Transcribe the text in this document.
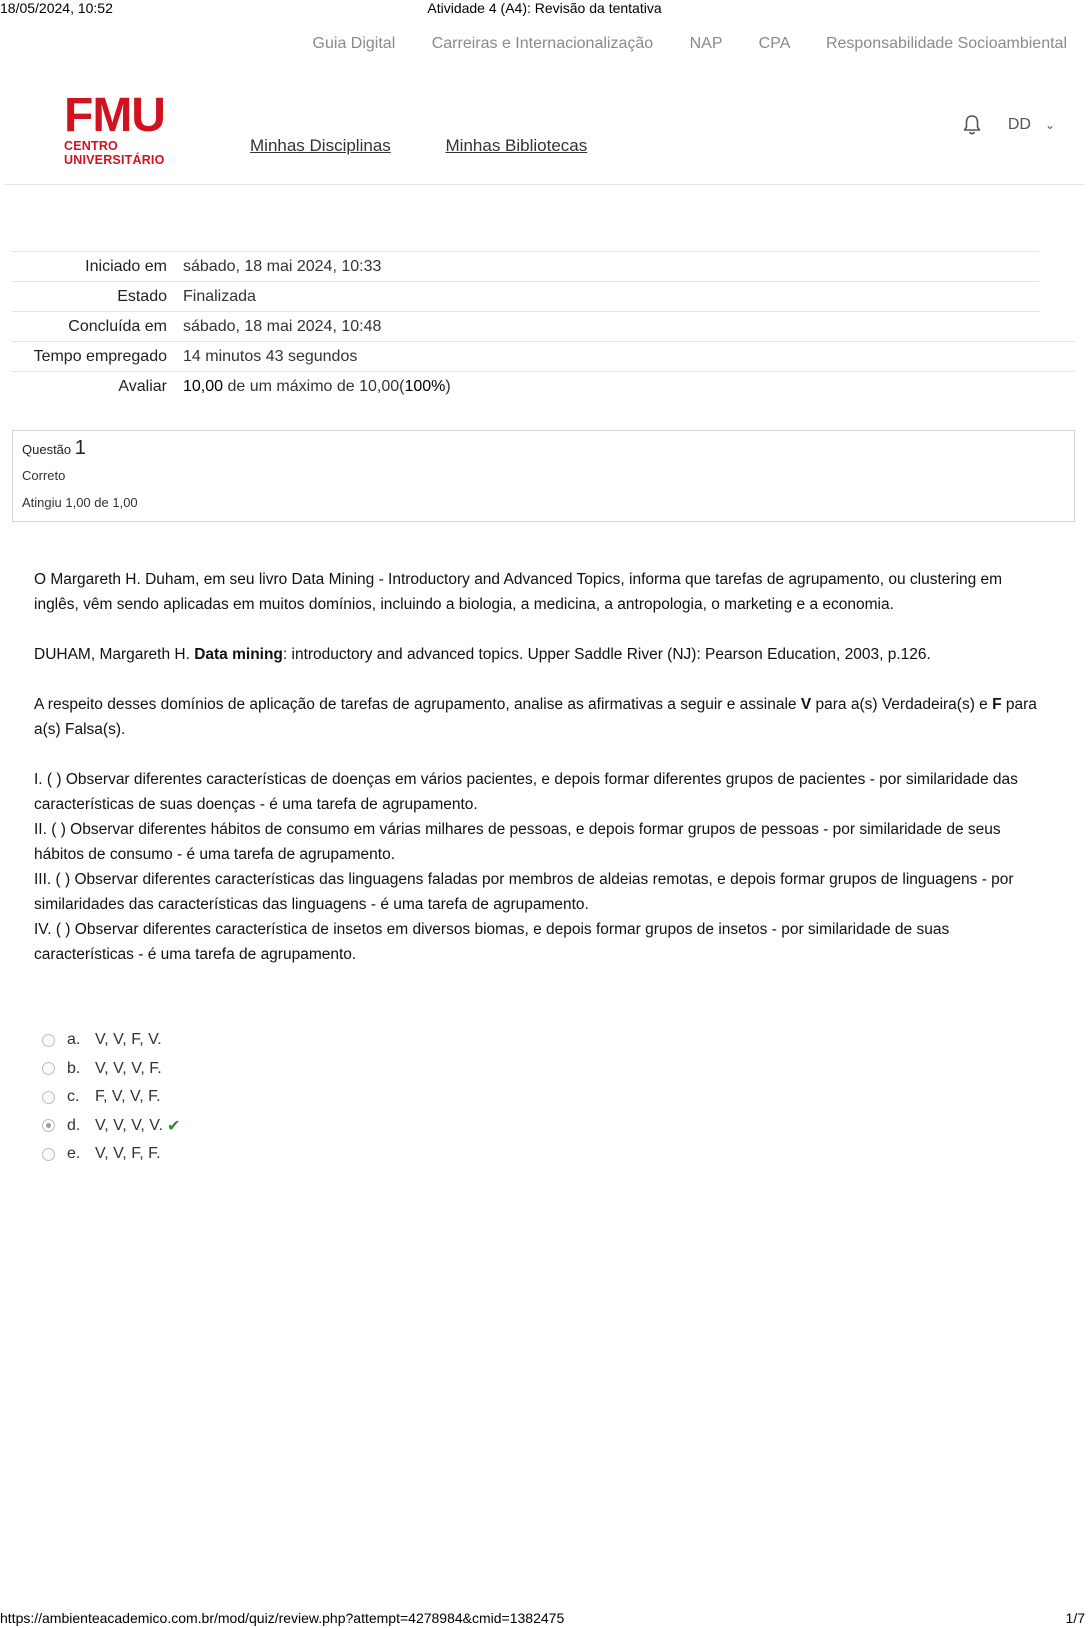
18/05/2024, 10:52	Atividade 4 (A4): Revisão da tentativa
Guia Digital Carreiras e Internacionalização NAP CPA Responsabilidade Socioambiental
FMU
CENTRO UNIVERSITÁRIO
Minhas Disciplinas	Minhas Bibliotecas
DD ⌄
Iniciado em	sábado, 18 mai 2024, 10:33
Estado	Finalizada
Concluída em	sábado, 18 mai 2024, 10:48
Tempo empregado	14 minutos 43 segundos
Avaliar	10,00 de um máximo de 10,00(100%)
Questão 1
Correto
Atingiu 1,00 de 1,00

O Margareth H. Duham, em seu livro Data Mining - Introductory and Advanced Topics, informa que tarefas de agrupamento, ou clustering em inglês, vêm sendo aplicadas em muitos domínios, incluindo a biologia, a medicina, a antropologia, o marketing e a economia.

DUHAM, Margareth H. Data mining: introductory and advanced topics. Upper Saddle River (NJ): Pearson Education, 2003, p.126.

A respeito desses domínios de aplicação de tarefas de agrupamento, analise as afirmativas a seguir e assinale V para a(s) Verdadeira(s) e F para a(s) Falsa(s).

I. ( ) Observar diferentes características de doenças em vários pacientes, e depois formar diferentes grupos de pacientes - por similaridade das características de suas doenças - é uma tarefa de agrupamento.

II. ( ) Observar diferentes hábitos de consumo em várias milhares de pessoas, e depois formar grupos de pessoas - por similaridade de seus hábitos de consumo - é uma tarefa de agrupamento.

III. ( ) Observar diferentes características das linguagens faladas por membros de aldeias remotas, e depois formar grupos de linguagens - por similaridades das características das linguagens - é uma tarefa de agrupamento.

IV. ( ) Observar diferentes característica de insetos em diversos biomas, e depois formar grupos de insetos - por similaridade de suas características - é uma tarefa de agrupamento.

a. V, V, F, V.
b. V, V, V, F.
c. F, V, V, F.
d. V, V, V, V. ✔
e. V, V, F, F.
https://ambienteacademico.com.br/mod/quiz/review.php?attempt=4278984&cmid=1382475	1/7
